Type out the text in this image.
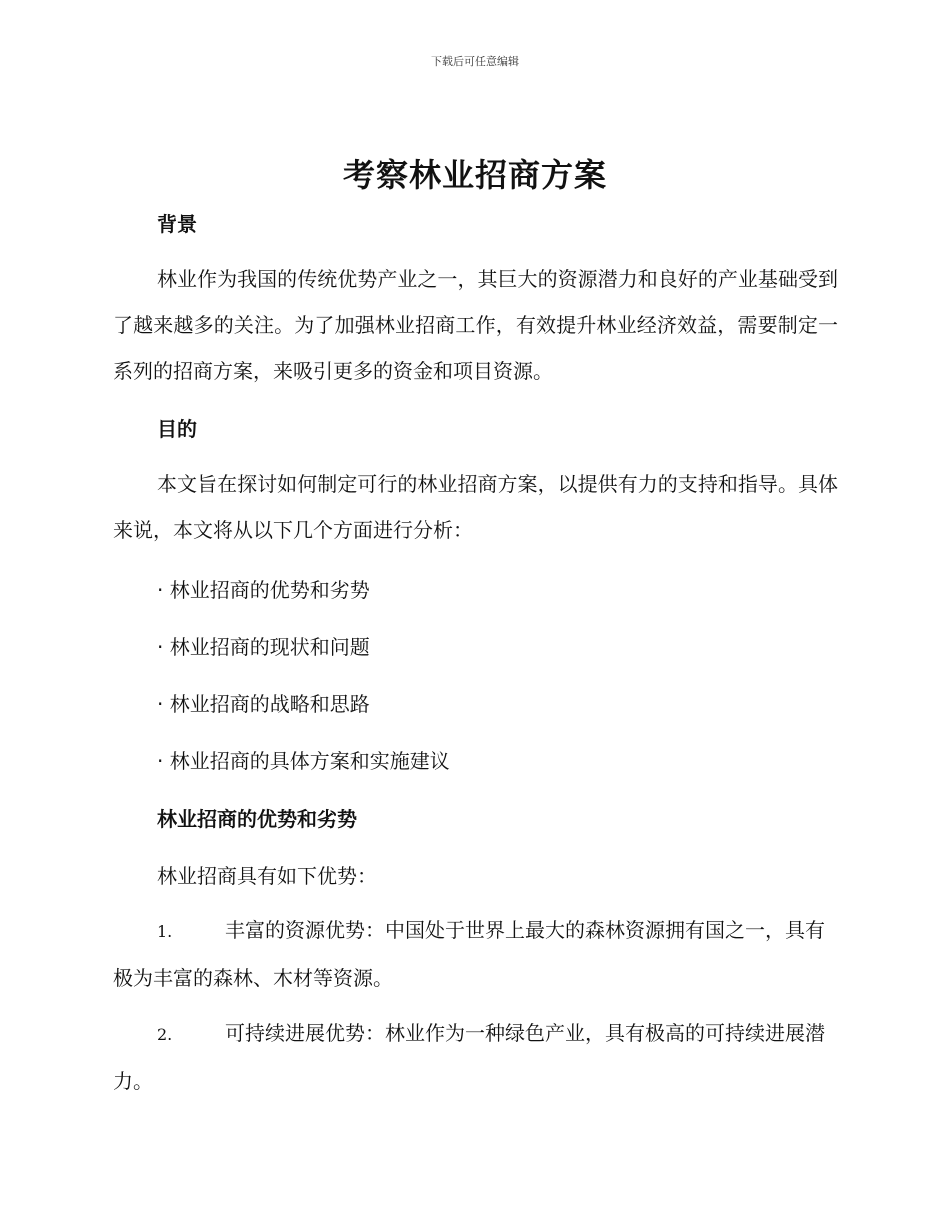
下载后可任意编辑
考察林业招商方案
背景

林业作为我国的传统优势产业之一，其巨大的资源潜力和良好的产业基础受到了越来越多的关注。为了加强林业招商工作，有效提升林业经济效益，需要制定一系列的招商方案，来吸引更多的资金和项目资源。

目的

本文旨在探讨如何制定可行的林业招商方案，以提供有力的支持和指导。具体来说，本文将从以下几个方面进行分析：

· 林业招商的优势和劣势
· 林业招商的现状和问题
· 林业招商的战略和思路
· 林业招商的具体方案和实施建议
林业招商的优势和劣势
林业招商具有如下优势：
1.	丰富的资源优势：中国处于世界上最大的森林资源拥有国之一，具有极为丰富的森林、木材等资源。
2.	可持续进展优势：林业作为一种绿色产业，具有极高的可持续进展潜力。
